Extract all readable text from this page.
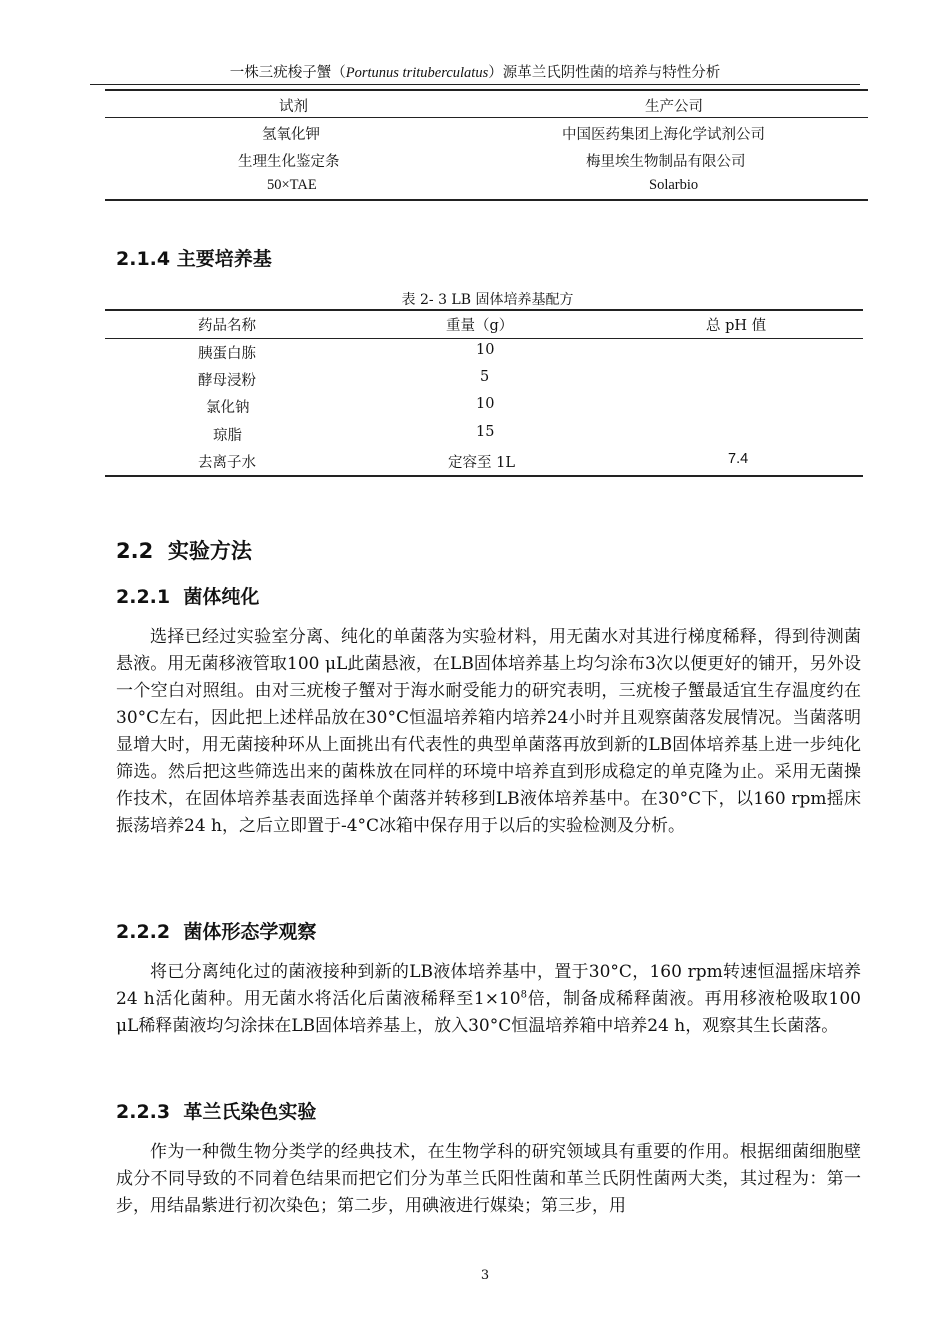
一株三疣梭子蟹（Portunus trituberculatus）源革兰氏阴性菌的培养与特性分析
试剂	生产公司
氢氧化钾	中国医药集团上海化学试剂公司
生理生化鉴定条	梅里埃生物制品有限公司
50×TAE	Solarbio
2.1.4 主要培养基
表 2- 3 LB 固体培养基配方
药品名称	重量（g）	总 pH 值
胰蛋白胨	10
酵母浸粉	5
氯化钠	10
琼脂	15
去离子水	定容至 1L	7.4
2.2 实验方法
2.2.1 菌体纯化

选择已经过实验室分离、纯化的单菌落为实验材料，用无菌水对其进行梯度稀释，得到待测菌悬液。用无菌移液管取100 μL此菌悬液，在LB固体培养基上均匀涂布3次以便更好的铺开，另外设一个空白对照组。由对三疣梭子蟹对于海水耐受能力的研究表明，三疣梭子蟹最适宜生存温度约在30°C左右，因此把上述样品放在30°C恒温培养箱内培养24小时并且观察菌落发展情况。当菌落明显增大时，用无菌接种环从上面挑出有代表性的典型单菌落再放到新的LB固体培养基上进一步纯化筛选。然后把这些筛选出来的菌株放在同样的环境中培养直到形成稳定的单克隆为止。采用无菌操作技术，在固体培养基表面选择单个菌落并转移到LB液体培养基中。在30°C下，以160 rpm摇床振荡培养24 h，之后立即置于-4°C冰箱中保存用于以后的实验检测及分析。

2.2.2 菌体形态学观察

将已分离纯化过的菌液接种到新的LB液体培养基中，置于30°C，160 rpm转速恒温摇床培养24 h活化菌种。用无菌水将活化后菌液稀释至$1\times 10^8$倍，制备成稀释菌液。再用移液枪吸取100 μL稀释菌液均匀涂抹在LB固体培养基上，放入30°C恒温培养箱中培养24 h，观察其生长菌落。

2.2.3 革兰氏染色实验

作为一种微生物分类学的经典技术，在生物学科的研究领域具有重要的作用。根据细菌细胞壁成分不同导致的不同着色结果而把它们分为革兰氏阳性菌和革兰氏阴性菌两大类，其过程为：第一步，用结晶紫进行初次染色；第二步，用碘液进行媒染；第三步，用

3
